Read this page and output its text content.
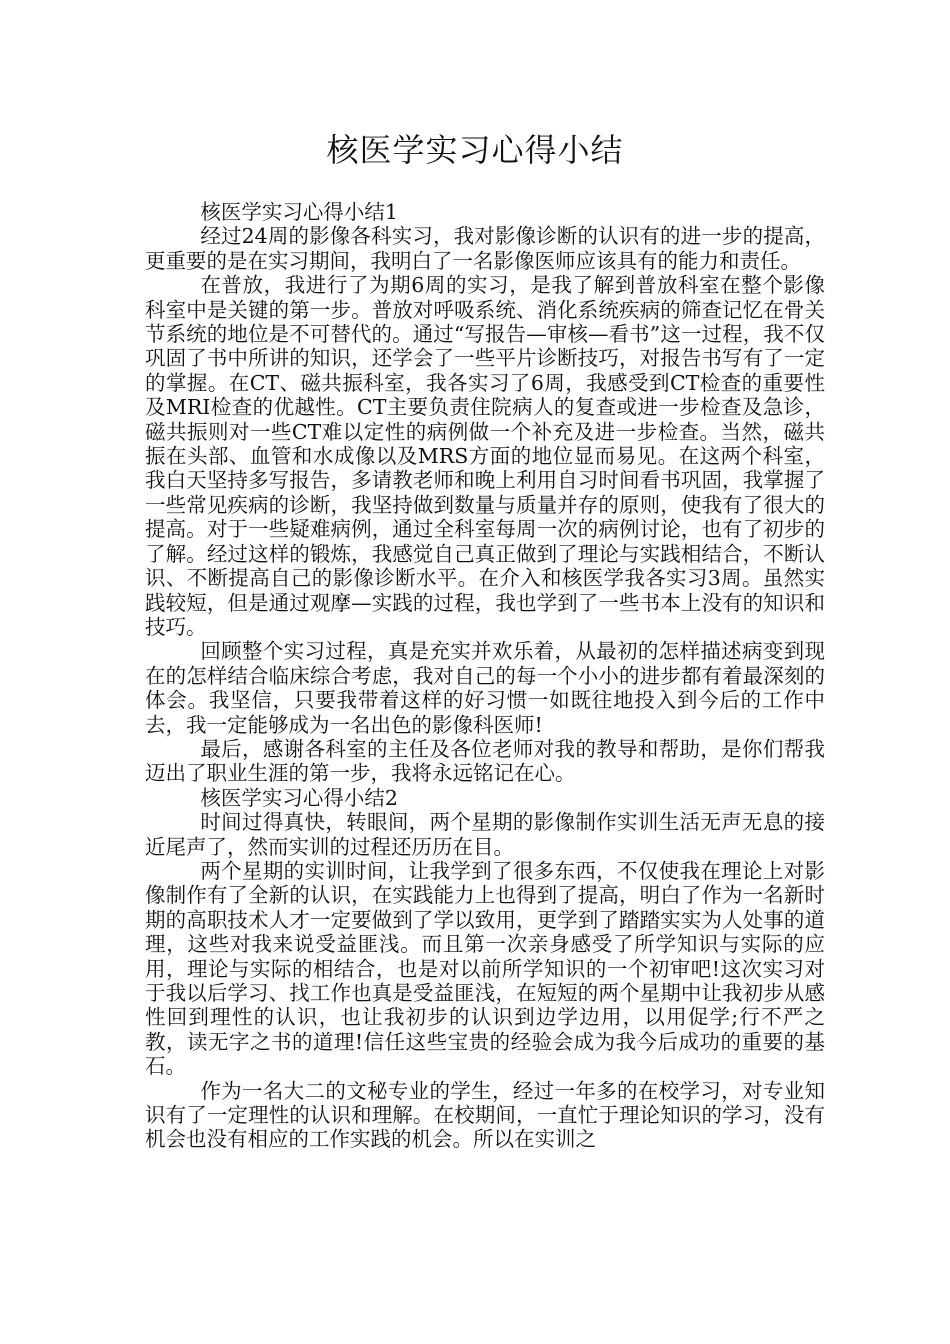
核医学实习心得小结

核医学实习心得小结1

经过24周的影像各科实习，我对影像诊断的认识有的进一步的提高，更重要的是在实习期间，我明白了一名影像医师应该具有的能力和责任。

在普放，我进行了为期6周的实习，是我了解到普放科室在整个影像科室中是关键的第一步。普放对呼吸系统、消化系统疾病的筛查记忆在骨关节系统的地位是不可替代的。通过“写报告—审核—看书”这一过程，我不仅巩固了书中所讲的知识，还学会了一些平片诊断技巧，对报告书写有了一定的掌握。在CT、磁共振科室，我各实习了6周，我感受到CT检查的重要性及MRI检查的优越性。CT主要负责住院病人的复查或进一步检查及急诊，磁共振则对一些CT难以定性的病例做一个补充及进一步检查。当然，磁共振在头部、血管和水成像以及MRS方面的地位显而易见。在这两个科室，我白天坚持多写报告，多请教老师和晚上利用自习时间看书巩固，我掌握了一些常见疾病的诊断，我坚持做到数量与质量并存的原则，使我有了很大的提高。对于一些疑难病例，通过全科室每周一次的病例讨论，也有了初步的了解。经过这样的锻炼，我感觉自己真正做到了理论与实践相结合，不断认识、不断提高自己的影像诊断水平。在介入和核医学我各实习3周。虽然实践较短，但是通过观摩—实践的过程，我也学到了一些书本上没有的知识和技巧。

回顾整个实习过程，真是充实并欢乐着，从最初的怎样描述病变到现在的怎样结合临床综合考虑，我对自己的每一个小小的进步都有着最深刻的体会。我坚信，只要我带着这样的好习惯一如既往地投入到今后的工作中去，我一定能够成为一名出色的影像科医师!

最后，感谢各科室的主任及各位老师对我的教导和帮助，是你们帮我迈出了职业生涯的第一步，我将永远铭记在心。

核医学实习心得小结2

时间过得真快，转眼间，两个星期的影像制作实训生活无声无息的接近尾声了，然而实训的过程还历历在目。

两个星期的实训时间，让我学到了很多东西，不仅使我在理论上对影像制作有了全新的认识，在实践能力上也得到了提高，明白了作为一名新时期的高职技术人才一定要做到了学以致用，更学到了踏踏实实为人处事的道理，这些对我来说受益匪浅。而且第一次亲身感受了所学知识与实际的应用，理论与实际的相结合，也是对以前所学知识的一个初审吧!这次实习对于我以后学习、找工作也真是受益匪浅，在短短的两个星期中让我初步从感性回到理性的认识，也让我初步的认识到边学边用，以用促学;行不严之教，读无字之书的道理!信任这些宝贵的经验会成为我今后成功的重要的基石。

作为一名大二的文秘专业的学生，经过一年多的在校学习，对专业知识有了一定理性的认识和理解。在校期间，一直忙于理论知识的学习，没有机会也没有相应的工作实践的机会。所以在实训之
